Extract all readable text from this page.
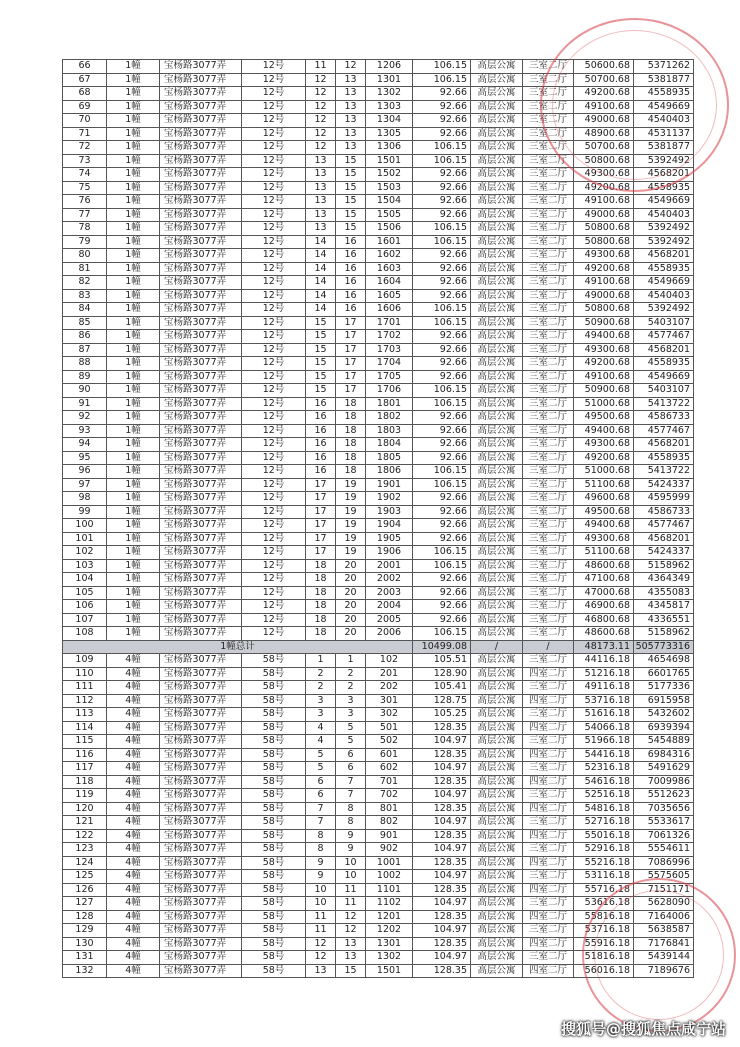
66	1幢	宝杨路3077弄	12号	11	12	1206	106.15	高层公寓	三室二厅	50600.68	5371262
67	1幢	宝杨路3077弄	12号	12	13	1301	106.15	高层公寓	三室二厅	50700.68	5381877
68	1幢	宝杨路3077弄	12号	12	13	1302	92.66	高层公寓	三室二厅	49200.68	4558935
69	1幢	宝杨路3077弄	12号	12	13	1303	92.66	高层公寓	三室二厅	49100.68	4549669
70	1幢	宝杨路3077弄	12号	12	13	1304	92.66	高层公寓	三室二厅	49000.68	4540403
71	1幢	宝杨路3077弄	12号	12	13	1305	92.66	高层公寓	三室二厅	48900.68	4531137
72	1幢	宝杨路3077弄	12号	12	13	1306	106.15	高层公寓	三室二厅	50700.68	5381877
73	1幢	宝杨路3077弄	12号	13	15	1501	106.15	高层公寓	三室二厅	50800.68	5392492
74	1幢	宝杨路3077弄	12号	13	15	1502	92.66	高层公寓	三室二厅	49300.68	4568201
75	1幢	宝杨路3077弄	12号	13	15	1503	92.66	高层公寓	三室二厅	49200.68	4558935
76	1幢	宝杨路3077弄	12号	13	15	1504	92.66	高层公寓	三室二厅	49100.68	4549669
77	1幢	宝杨路3077弄	12号	13	15	1505	92.66	高层公寓	三室二厅	49000.68	4540403
78	1幢	宝杨路3077弄	12号	13	15	1506	106.15	高层公寓	三室二厅	50800.68	5392492
79	1幢	宝杨路3077弄	12号	14	16	1601	106.15	高层公寓	三室二厅	50800.68	5392492
80	1幢	宝杨路3077弄	12号	14	16	1602	92.66	高层公寓	三室二厅	49300.68	4568201
81	1幢	宝杨路3077弄	12号	14	16	1603	92.66	高层公寓	三室二厅	49200.68	4558935
82	1幢	宝杨路3077弄	12号	14	16	1604	92.66	高层公寓	三室二厅	49100.68	4549669
83	1幢	宝杨路3077弄	12号	14	16	1605	92.66	高层公寓	三室二厅	49000.68	4540403
84	1幢	宝杨路3077弄	12号	14	16	1606	106.15	高层公寓	三室二厅	50800.68	5392492
85	1幢	宝杨路3077弄	12号	15	17	1701	106.15	高层公寓	三室二厅	50900.68	5403107
86	1幢	宝杨路3077弄	12号	15	17	1702	92.66	高层公寓	三室二厅	49400.68	4577467
87	1幢	宝杨路3077弄	12号	15	17	1703	92.66	高层公寓	三室二厅	49300.68	4568201
88	1幢	宝杨路3077弄	12号	15	17	1704	92.66	高层公寓	三室二厅	49200.68	4558935
89	1幢	宝杨路3077弄	12号	15	17	1705	92.66	高层公寓	三室二厅	49100.68	4549669
90	1幢	宝杨路3077弄	12号	15	17	1706	106.15	高层公寓	三室二厅	50900.68	5403107
91	1幢	宝杨路3077弄	12号	16	18	1801	106.15	高层公寓	三室二厅	51000.68	5413722
92	1幢	宝杨路3077弄	12号	16	18	1802	92.66	高层公寓	三室二厅	49500.68	4586733
93	1幢	宝杨路3077弄	12号	16	18	1803	92.66	高层公寓	三室二厅	49400.68	4577467
94	1幢	宝杨路3077弄	12号	16	18	1804	92.66	高层公寓	三室二厅	49300.68	4568201
95	1幢	宝杨路3077弄	12号	16	18	1805	92.66	高层公寓	三室二厅	49200.68	4558935
96	1幢	宝杨路3077弄	12号	16	18	1806	106.15	高层公寓	三室二厅	51000.68	5413722
97	1幢	宝杨路3077弄	12号	17	19	1901	106.15	高层公寓	三室二厅	51100.68	5424337
98	1幢	宝杨路3077弄	12号	17	19	1902	92.66	高层公寓	三室二厅	49600.68	4595999
99	1幢	宝杨路3077弄	12号	17	19	1903	92.66	高层公寓	三室二厅	49500.68	4586733
100	1幢	宝杨路3077弄	12号	17	19	1904	92.66	高层公寓	三室二厅	49400.68	4577467
101	1幢	宝杨路3077弄	12号	17	19	1905	92.66	高层公寓	三室二厅	49300.68	4568201
102	1幢	宝杨路3077弄	12号	17	19	1906	106.15	高层公寓	三室二厅	51100.68	5424337
103	1幢	宝杨路3077弄	12号	18	20	2001	106.15	高层公寓	三室二厅	48600.68	5158962
104	1幢	宝杨路3077弄	12号	18	20	2002	92.66	高层公寓	三室二厅	47100.68	4364349
105	1幢	宝杨路3077弄	12号	18	20	2003	92.66	高层公寓	三室二厅	47000.68	4355083
106	1幢	宝杨路3077弄	12号	18	20	2004	92.66	高层公寓	三室二厅	46900.68	4345817
107	1幢	宝杨路3077弄	12号	18	20	2005	92.66	高层公寓	三室二厅	46800.68	4336551
108	1幢	宝杨路3077弄	12号	18	20	2006	106.15	高层公寓	三室二厅	48600.68	5158962
1幢总计							10499.08	/	/	48173.11	505773316
109	4幢	宝杨路3077弄	58号	1	1	102	105.51	高层公寓	三室二厅	44116.18	4654698
110	4幢	宝杨路3077弄	58号	2	2	201	128.90	高层公寓	四室二厅	51216.18	6601765
111	4幢	宝杨路3077弄	58号	2	2	202	105.41	高层公寓	三室二厅	49116.18	5177336
112	4幢	宝杨路3077弄	58号	3	3	301	128.75	高层公寓	四室二厅	53716.18	6915958
113	4幢	宝杨路3077弄	58号	3	3	302	105.25	高层公寓	三室二厅	51616.18	5432602
114	4幢	宝杨路3077弄	58号	4	5	501	128.35	高层公寓	四室二厅	54066.18	6939394
115	4幢	宝杨路3077弄	58号	4	5	502	104.97	高层公寓	三室二厅	51966.18	5454889
116	4幢	宝杨路3077弄	58号	5	6	601	128.35	高层公寓	四室二厅	54416.18	6984316
117	4幢	宝杨路3077弄	58号	5	6	602	104.97	高层公寓	三室二厅	52316.18	5491629
118	4幢	宝杨路3077弄	58号	6	7	701	128.35	高层公寓	四室二厅	54616.18	7009986
119	4幢	宝杨路3077弄	58号	6	7	702	104.97	高层公寓	三室二厅	52516.18	5512623
120	4幢	宝杨路3077弄	58号	7	8	801	128.35	高层公寓	四室二厅	54816.18	7035656
121	4幢	宝杨路3077弄	58号	7	8	802	104.97	高层公寓	三室二厅	52716.18	5533617
122	4幢	宝杨路3077弄	58号	8	9	901	128.35	高层公寓	四室二厅	55016.18	7061326
123	4幢	宝杨路3077弄	58号	8	9	902	104.97	高层公寓	三室二厅	52916.18	5554611
124	4幢	宝杨路3077弄	58号	9	10	1001	128.35	高层公寓	四室二厅	55216.18	7086996
125	4幢	宝杨路3077弄	58号	9	10	1002	104.97	高层公寓	三室二厅	53116.18	5575605
126	4幢	宝杨路3077弄	58号	10	11	1101	128.35	高层公寓	四室二厅	55716.18	7151171
127	4幢	宝杨路3077弄	58号	10	11	1102	104.97	高层公寓	三室二厅	53616.18	5628090
128	4幢	宝杨路3077弄	58号	11	12	1201	128.35	高层公寓	四室二厅	55816.18	7164006
129	4幢	宝杨路3077弄	58号	11	12	1202	104.97	高层公寓	三室二厅	53716.18	5638587
130	4幢	宝杨路3077弄	58号	12	13	1301	128.35	高层公寓	四室二厅	55916.18	7176841
131	4幢	宝杨路3077弄	58号	12	13	1302	104.97	高层公寓	三室二厅	51816.18	5439144
132	4幢	宝杨路3077弄	58号	13	15	1501	128.35	高层公寓	四室二厅	56016.18	7189676
搜狐号@搜狐焦点咸宁站
